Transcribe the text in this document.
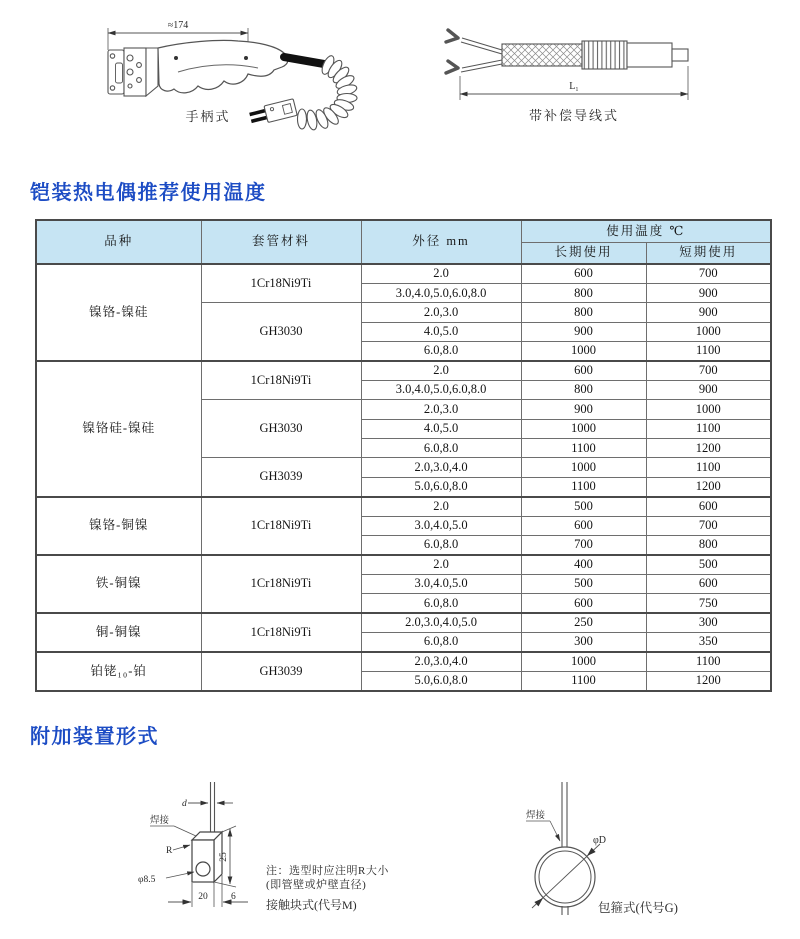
≈174
手柄式
L₁
带补偿导线式
铠装热电偶推荐使用温度
品种	套管材料	外径 mm	使用温度 ℃	
			长期使用	短期使用
镍铬-镍硅	1Cr18Ni9Ti	2.0	600	700
		3.0,4.0,5.0,6.0,8.0	800	900
	GH3030	2.0,3.0	800	900
		4.0,5.0	900	1000
		6.0,8.0	1000	1100
镍铬硅-镍硅	1Cr18Ni9Ti	2.0	600	700
		3.0,4.0,5.0,6.0,8.0	800	900
	GH3030	2.0,3.0	900	1000
		4.0,5.0	1000	1100
		6.0,8.0	1100	1200
	GH3039	2.0,3.0,4.0	1000	1100
		5.0,6.0,8.0	1100	1200
镍铬-铜镍	1Cr18Ni9Ti	2.0	500	600
		3.0,4.0,5.0	600	700
		6.0,8.0	700	800
铁-铜镍	1Cr18Ni9Ti	2.0	400	500
		3.0,4.0,5.0	500	600
		6.0,8.0	600	750
铜-铜镍	1Cr18Ni9Ti	2.0,3.0,4.0,5.0	250	300
		6.0,8.0	300	350
铂铑₁₀-铂	GH3039	2.0,3.0,4.0	1000	1100
		5.0,6.0,8.0	1100	1200
附加装置形式
d
焊接
R
φ8.5
25
20 6
注：选型时应注明R大小
(即管壁或炉壁直径)
接触块式(代号M)
焊接
φD
包箍式(代号G)
